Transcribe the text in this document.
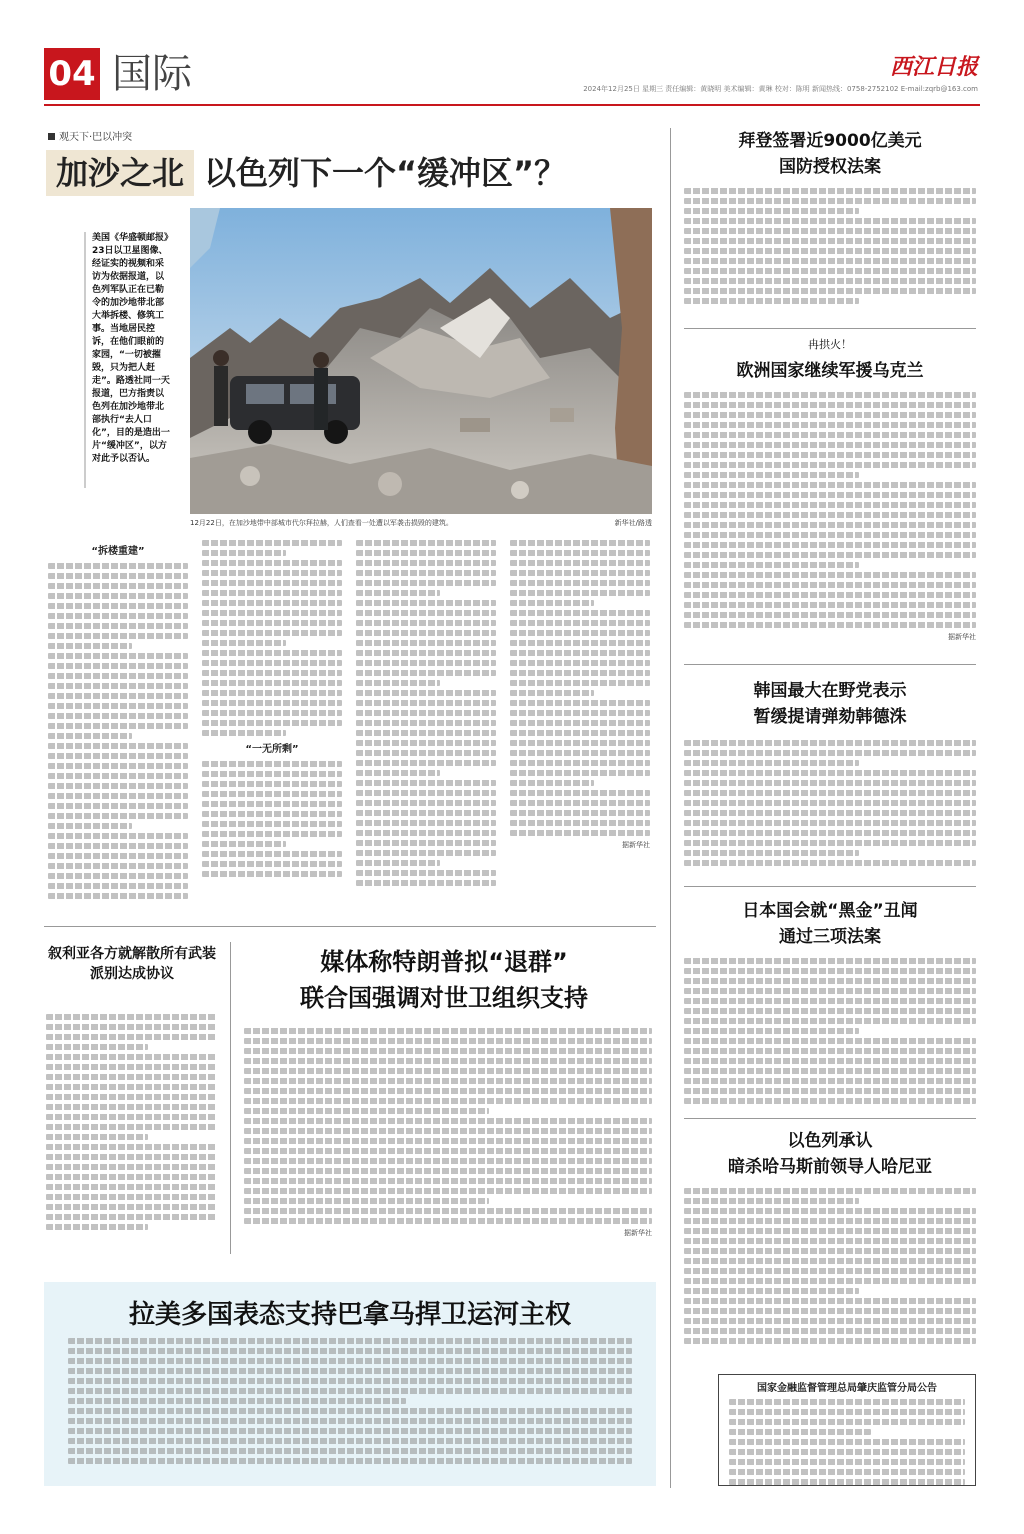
04 国际	西江日报
2024年12月25日 星期三 责任编辑：黄晓明 美术编辑：黄琳 校对：陈明 新闻热线：0758-2752102 E-mail:zqrb@163.com
观天下·巴以冲突
加沙之北 以色列下一个“缓冲区”？
美国《华盛顿邮报》23日以卫星图像、经证实的视频和采访为依据报道，以色列军队正在已勒令的加沙地带北部大举拆楼、修筑工事。当地居民控诉，在他们眼前的家园，“一切被摧毁，只为把人赶走”。路透社同一天报道，巴方指责以色列在加沙地带北部执行“去人口化”，目的是造出一片“缓冲区”，以方对此予以否认。
12月22日，在加沙地带中部城市代尔拜拉赫，人们查看一处遭以军袭击损毁的建筑。	新华社/路透
“拆楼重建”
“一无所剩”
据新华社
叙利亚各方就解散所有武装派别达成协议	媒体称特朗普拟“退群”
联合国强调对世卫组织支持
据新华社
拉美多国表态支持巴拿马捍卫运河主权
拜登签署近9000亿美元
国防授权法案
冉拱火！
欧洲国家继续军援乌克兰
据新华社
韩国最大在野党表示
暂缓提请弹劾韩德洙
日本国会就“黑金”丑闻
通过三项法案
以色列承认
暗杀哈马斯前领导人哈尼亚
国家金融监督管理总局肇庆监管分局公告
